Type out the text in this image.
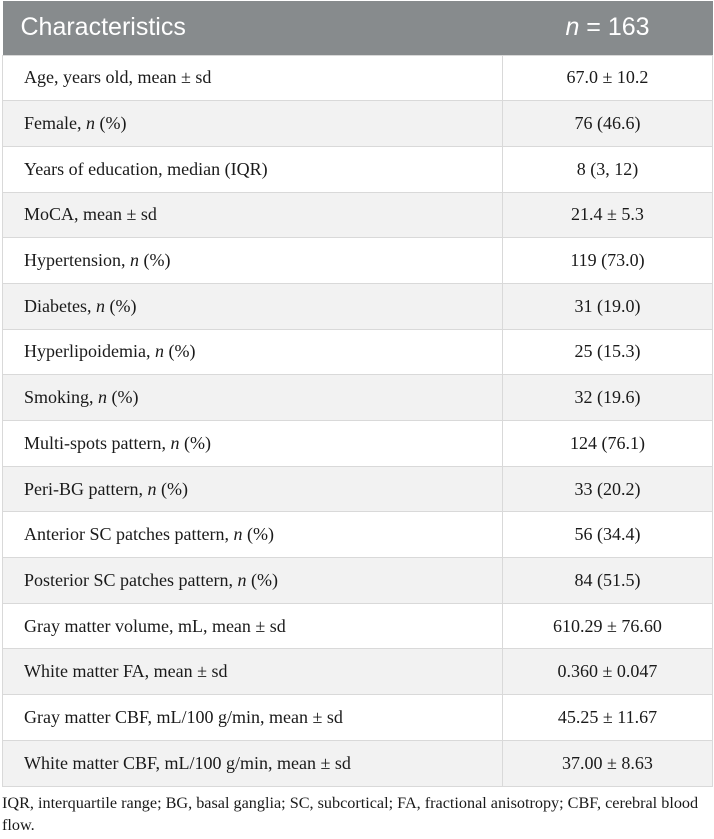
Characteristics	n = 163
Age, years old, mean ± sd	67.0 ± 10.2
Female, n (%)	76 (46.6)
Years of education, median (IQR)	8 (3, 12)
MoCA, mean ± sd	21.4 ± 5.3
Hypertension, n (%)	119 (73.0)
Diabetes, n (%)	31 (19.0)
Hyperlipoidemia, n (%)	25 (15.3)
Smoking, n (%)	32 (19.6)
Multi-spots pattern, n (%)	124 (76.1)
Peri-BG pattern, n (%)	33 (20.2)
Anterior SC patches pattern, n (%)	56 (34.4)
Posterior SC patches pattern, n (%)	84 (51.5)
Gray matter volume, mL, mean ± sd	610.29 ± 76.60
White matter FA, mean ± sd	0.360 ± 0.047
Gray matter CBF, mL/100 g/min, mean ± sd	45.25 ± 11.67
White matter CBF, mL/100 g/min, mean ± sd	37.00 ± 8.63
IQR, interquartile range; BG, basal ganglia; SC, subcortical; FA, fractional anisotropy; CBF, cerebral blood flow.
